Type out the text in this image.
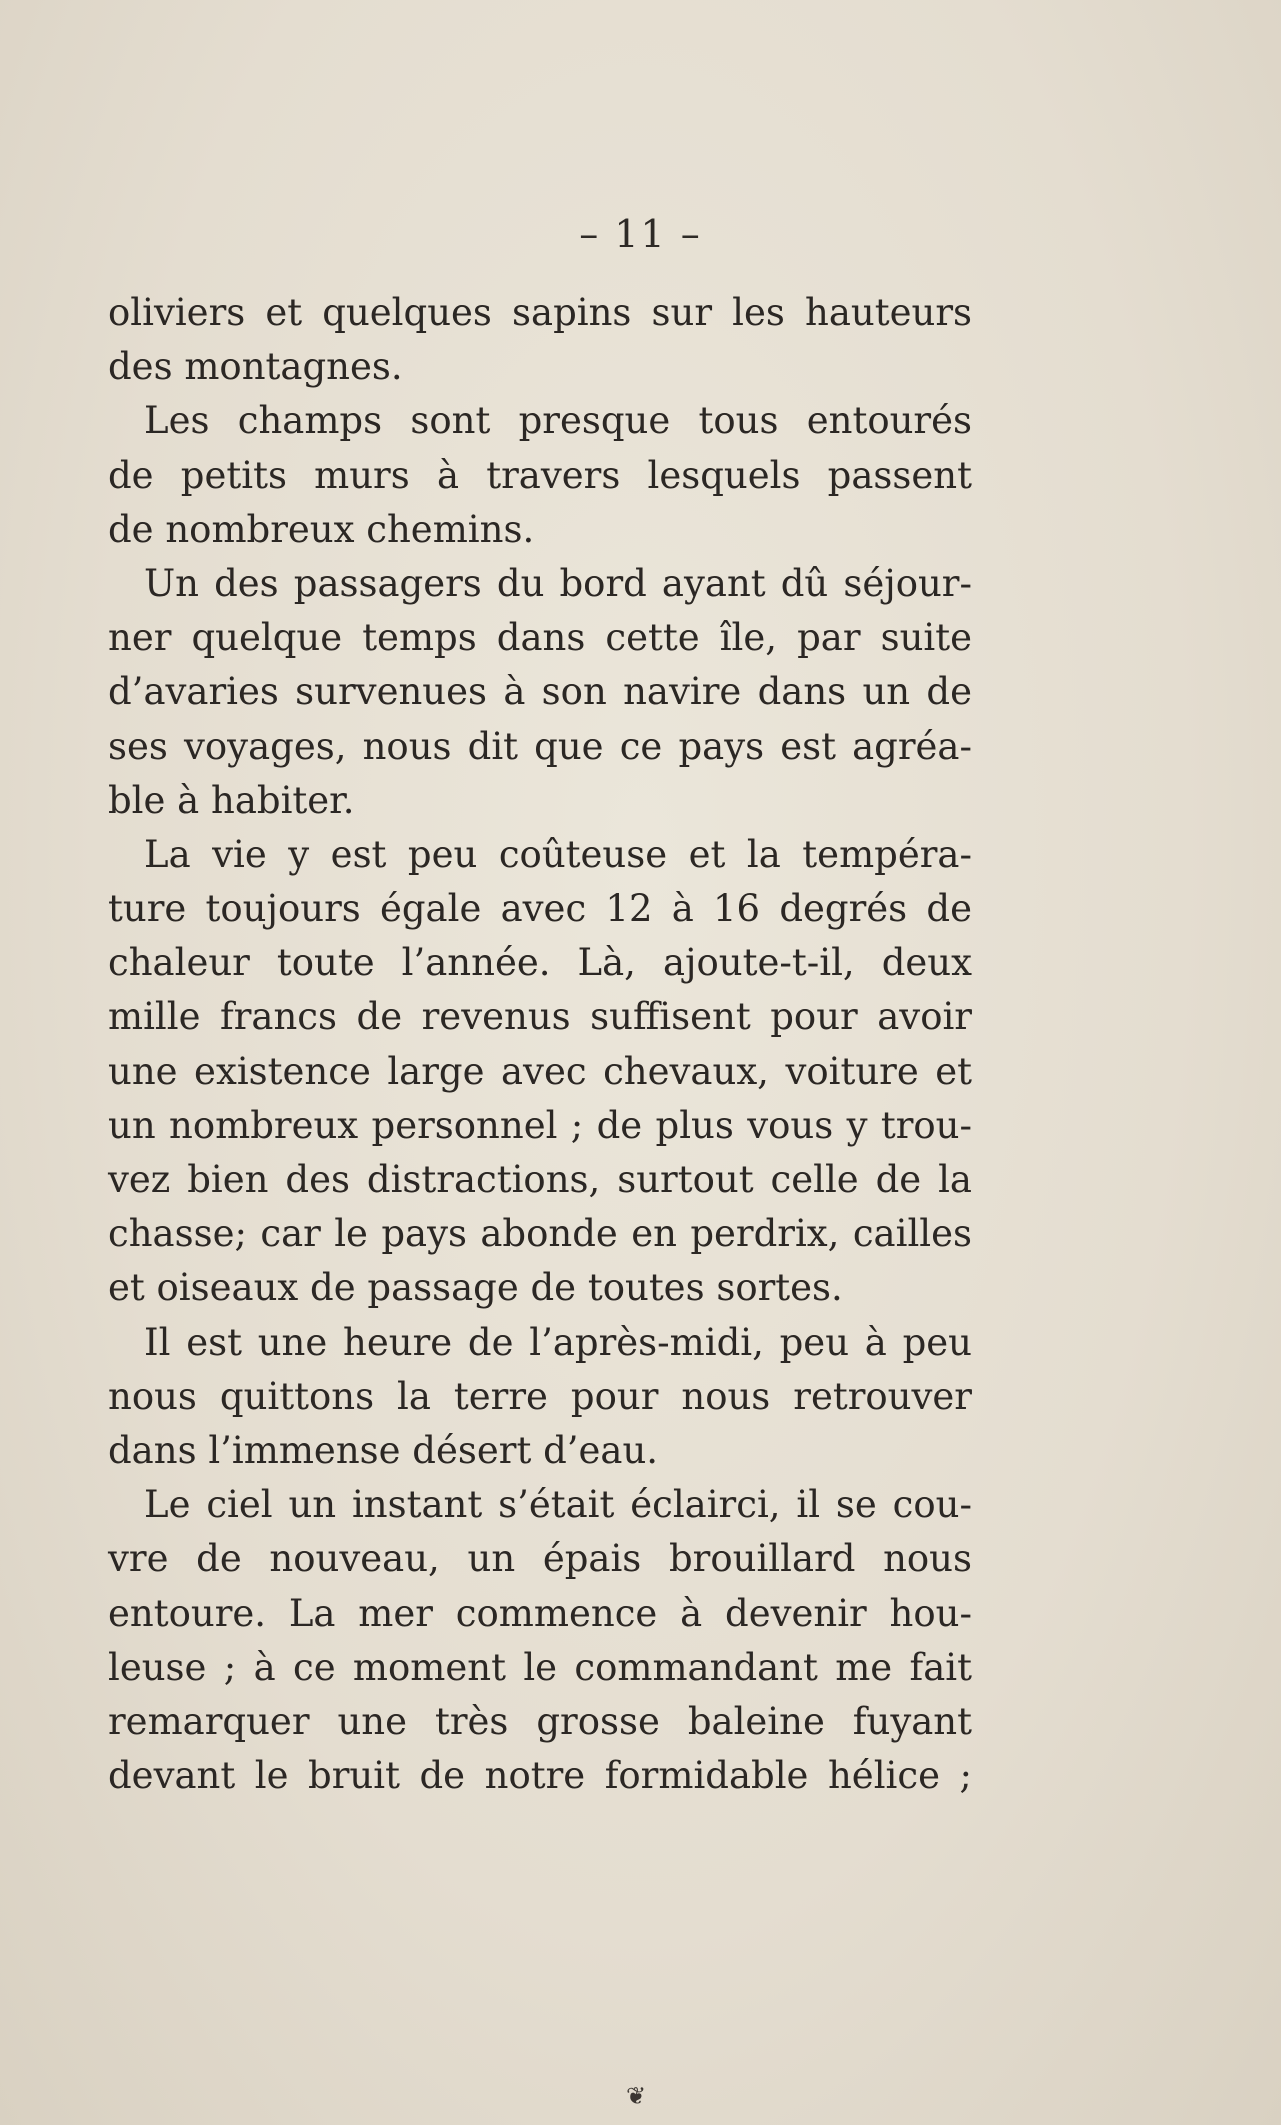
– 11 –
oliviers et quelques sapins sur les hauteurs
des montagnes.
Les champs sont presque tous entourés
de petits murs à travers lesquels passent
de nombreux chemins.
Un des passagers du bord ayant dû séjour-
ner quelque temps dans cette île, par suite
d’avaries survenues à son navire dans un de
ses voyages, nous dit que ce pays est agréa-
ble à habiter.
La vie y est peu coûteuse et la tempéra-
ture toujours égale avec 12 à 16 degrés de
chaleur toute l’année. Là, ajoute-t-il, deux
mille francs de revenus suffisent pour avoir
une existence large avec chevaux, voiture et
un nombreux personnel ; de plus vous y trou-
vez bien des distractions, surtout celle de la
chasse; car le pays abonde en perdrix, cailles
et oiseaux de passage de toutes sortes.
Il est une heure de l’après-midi, peu à peu
nous quittons la terre pour nous retrouver
dans l’immense désert d’eau.
Le ciel un instant s’était éclairci, il se cou-
vre de nouveau, un épais brouillard nous
entoure. La mer commence à devenir hou-
leuse ; à ce moment le commandant me fait
remarquer une très grosse baleine fuyant
devant le bruit de notre formidable hélice ;
❦
